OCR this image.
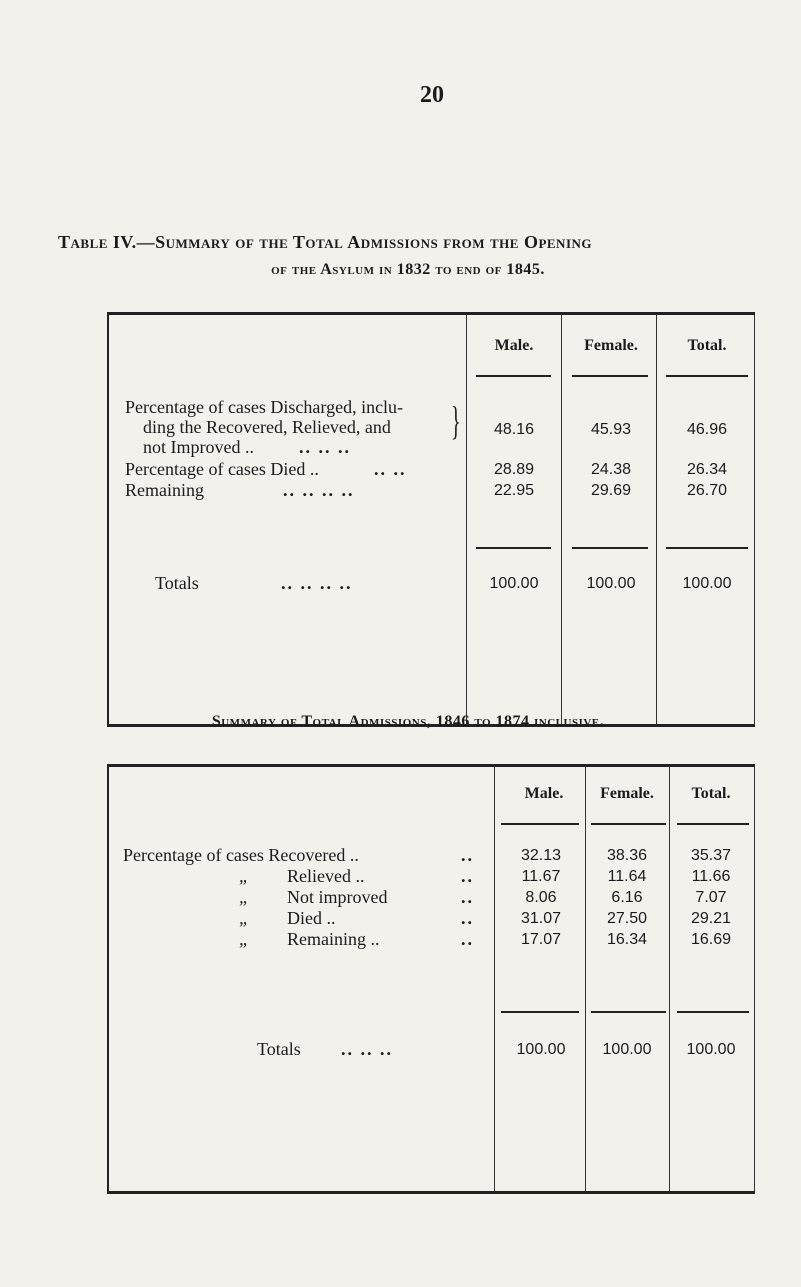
20
Table IV.—Summary of the Total Admissions from the Opening
of the Asylum in 1832 to end of 1845.
Male.	Female.	Total.
Percentage of cases Discharged, inclu-
ding the Recovered, Relieved, and
not Improved ..	.. .. ..
}	48.16	45.93	46.96
Percentage of cases Died ..	.. ..	28.89	24.38	26.34
Remaining	.. .. .. ..	22.95	29.69	26.70
Totals	.. .. .. ..	100.00	100.00	100.00
Summary of Total Admissions, 1846 to 1874 inclusive.
Male.	Female.	Total.
Percentage of cases Recovered ..	..	32.13	38.36	35.37
„ Relieved ..	..	11.67	11.64	11.66
„ Not improved	..	8.06	6.16	7.07
„ Died ..	..	31.07	27.50	29.21
„ Remaining ..	..	17.07	16.34	16.69
Totals .. .. ..	100.00	100.00	100.00
